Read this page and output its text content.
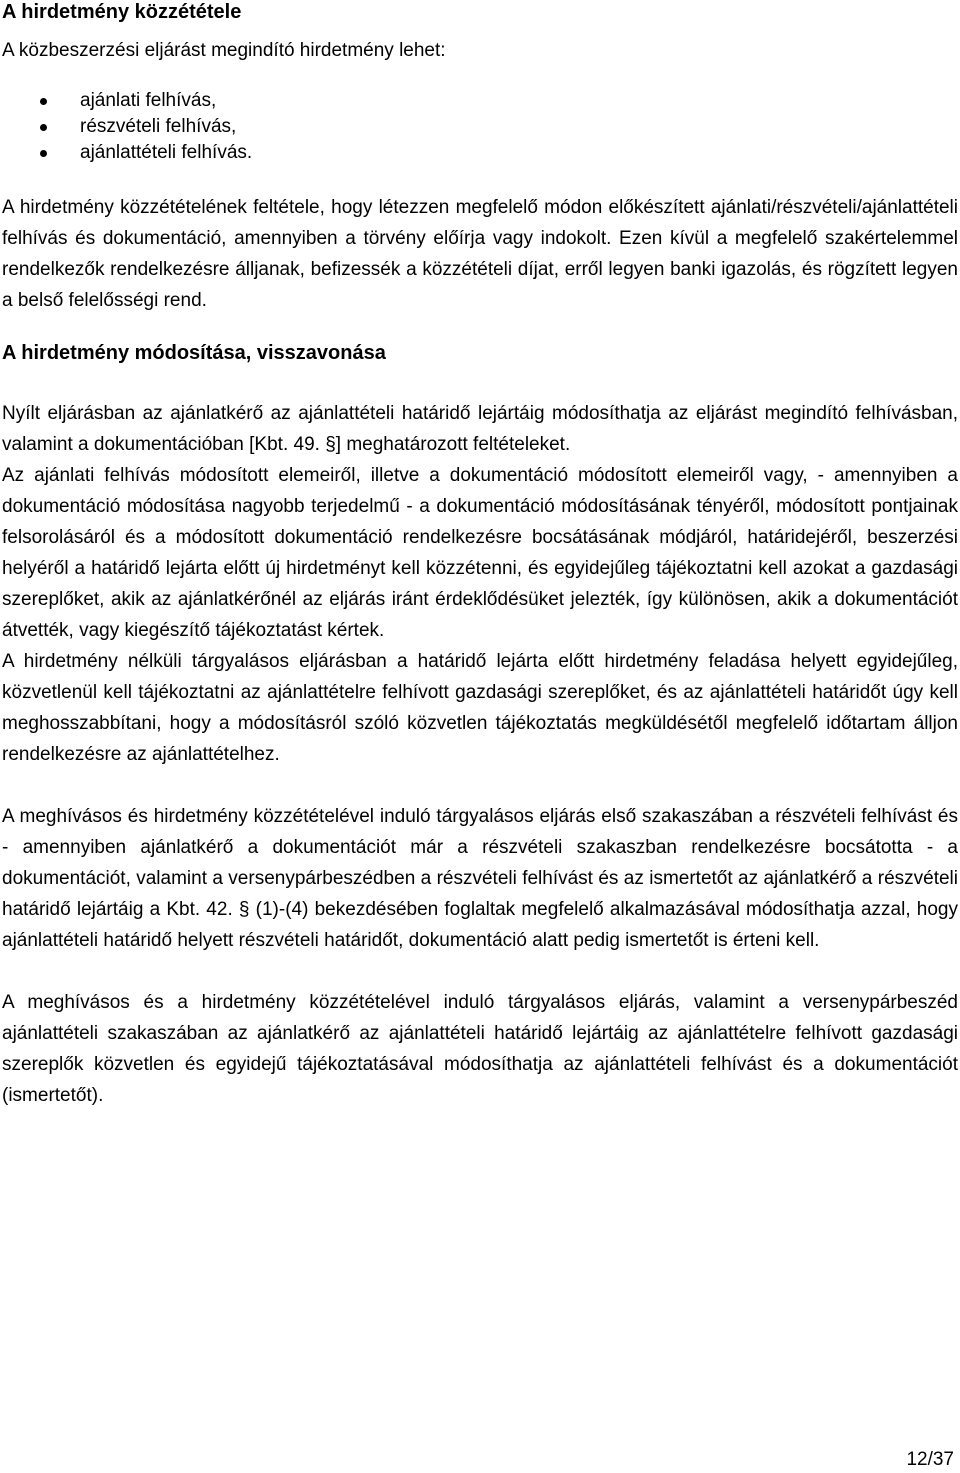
A hirdetmény közzététele

A közbeszerzési eljárást megindító hirdetmény lehet:

ajánlati felhívás,
részvételi felhívás,
ajánlattételi felhívás.

A hirdetmény közzétételének feltétele, hogy létezzen megfelelő módon előkészített ajánlati/részvételi/ajánlattételi felhívás és dokumentáció, amennyiben a törvény előírja vagy indokolt. Ezen kívül a megfelelő szakértelemmel rendelkezők rendelkezésre álljanak, befizessék a közzétételi díjat, erről legyen banki igazolás, és rögzített legyen a belső felelősségi rend.

A hirdetmény módosítása, visszavonása

Nyílt eljárásban az ajánlatkérő az ajánlattételi határidő lejártáig módosíthatja az eljárást megindító felhívásban, valamint a dokumentációban [Kbt. 49. §] meghatározott feltételeket.

Az ajánlati felhívás módosított elemeiről, illetve a dokumentáció módosított elemeiről vagy, - amennyiben a dokumentáció módosítása nagyobb terjedelmű - a dokumentáció módosításának tényéről, módosított pontjainak felsorolásáról és a módosított dokumentáció rendelkezésre bocsátásának módjáról, határidejéről, beszerzési helyéről a határidő lejárta előtt új hirdetményt kell közzétenni, és egyidejűleg tájékoztatni kell azokat a gazdasági szereplőket, akik az ajánlatkérőnél az eljárás iránt érdeklődésüket jelezték, így különösen, akik a dokumentációt átvették, vagy kiegészítő tájékoztatást kértek.

A hirdetmény nélküli tárgyalásos eljárásban a határidő lejárta előtt hirdetmény feladása helyett egyidejűleg, közvetlenül kell tájékoztatni az ajánlattételre felhívott gazdasági szereplőket, és az ajánlattételi határidőt úgy kell meghosszabbítani, hogy a módosításról szóló közvetlen tájékoztatás megküldésétől megfelelő időtartam álljon rendelkezésre az ajánlattételhez.

A meghívásos és hirdetmény közzétételével induló tárgyalásos eljárás első szakaszában a részvételi felhívást és - amennyiben ajánlatkérő a dokumentációt már a részvételi szakaszban rendelkezésre bocsátotta - a dokumentációt, valamint a versenypárbeszédben a részvételi felhívást és az ismertetőt az ajánlatkérő a részvételi határidő lejártáig a Kbt. 42. § (1)-(4) bekezdésében foglaltak megfelelő alkalmazásával módosíthatja azzal, hogy ajánlattételi határidő helyett részvételi határidőt, dokumentáció alatt pedig ismertetőt is érteni kell.

A meghívásos és a hirdetmény közzétételével induló tárgyalásos eljárás, valamint a versenypárbeszéd ajánlattételi szakaszában az ajánlatkérő az ajánlattételi határidő lejártáig az ajánlattételre felhívott gazdasági szereplők közvetlen és egyidejű tájékoztatásával módosíthatja az ajánlattételi felhívást és a dokumentációt (ismertetőt).

12/37
